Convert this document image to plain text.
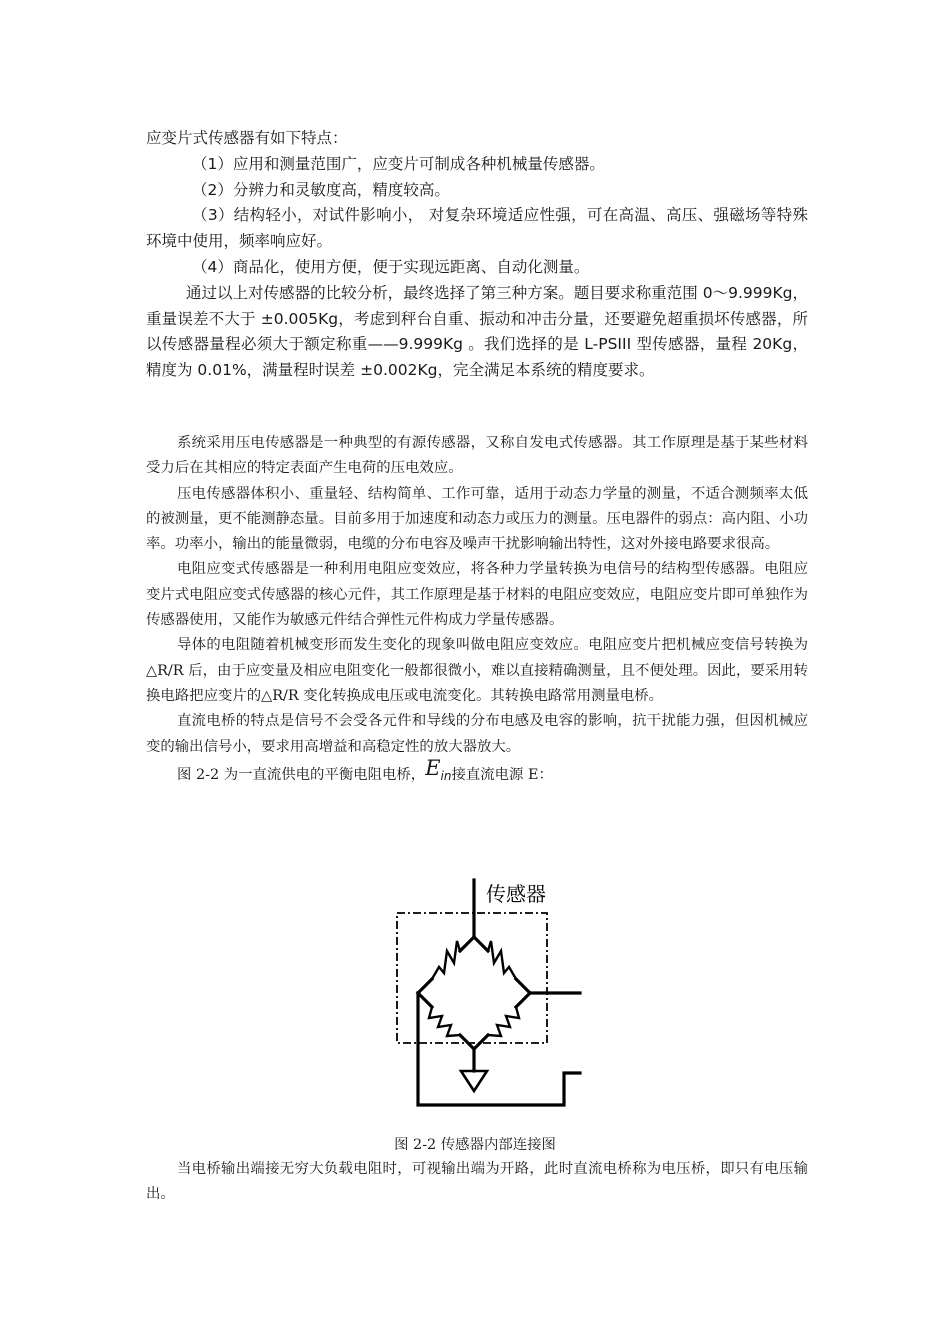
应变片式传感器有如下特点：

（1）应用和测量范围广，应变片可制成各种机械量传感器。

（2）分辨力和灵敏度高，精度较高。

（3）结构轻小，对试件影响小， 对复杂环境适应性强，可在高温、高压、强磁场等特殊环境中使用，频率响应好。

（4）商品化，使用方便，便于实现远距离、自动化测量。

通过以上对传感器的比较分析，最终选择了第三种方案。题目要求称重范围 0～9.999Kg， 重量误差不大于 ±0.005Kg，考虑到秤台自重、振动和冲击分量，还要避免超重损坏传感器，所以传感器量程必须大于额定称重——9.999Kg 。我们选择的是 L-PSIII 型传感器，量程 20Kg， 精度为 0.01%，满量程时误差 ±0.002Kg，完全满足本系统的精度要求。

系统采用压电传感器是一种典型的有源传感器，又称自发电式传感器。其工作原理是基于某些材料受力后在其相应的特定表面产生电荷的压电效应。

压电传感器体积小、重量轻、结构简单、工作可靠，适用于动态力学量的测量，不适合测频率太低的被测量，更不能测静态量。目前多用于加速度和动态力或压力的测量。压电器件的弱点：高内阻、小功率。功率小，输出的能量微弱，电缆的分布电容及噪声干扰影响输出特性，这对外接电路要求很高。

电阻应变式传感器是一种利用电阻应变效应，将各种力学量转换为电信号的结构型传感器。电阻应变片式电阻应变式传感器的核心元件，其工作原理是基于材料的电阻应变效应，电阻应变片即可单独作为传感器使用，又能作为敏感元件结合弹性元件构成力学量传感器。

导体的电阻随着机械变形而发生变化的现象叫做电阻应变效应。电阻应变片把机械应变信号转换为△R/R 后，由于应变量及相应电阻变化一般都很微小，难以直接精确测量，且不便处理。因此，要采用转换电路把应变片的△R/R 变化转换成电压或电流变化。其转换电路常用测量电桥。

直流电桥的特点是信号不会受各元件和导线的分布电感及电容的影响，抗干扰能力强，但因机械应变的输出信号小，要求用高增益和高稳定性的放大器放大。

图 2-2 为一直流供电的平衡电阻电桥，$E_{in}$接直流电源 E：

传感器
图 2-2 传感器内部连接图

当电桥输出端接无穷大负载电阻时，可视输出端为开路，此时直流电桥称为电压桥，即只有电压输出。
